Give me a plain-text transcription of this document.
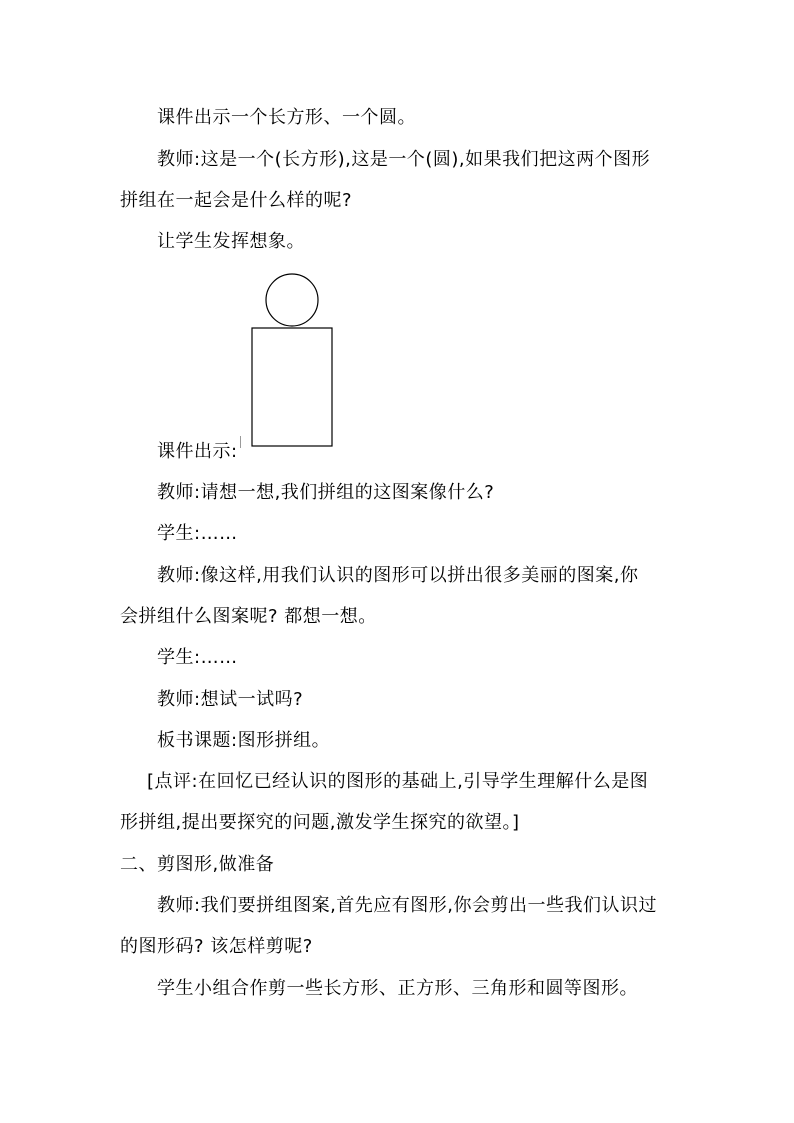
课件出示一个长方形、一个圆。
教师:这是一个(长方形),这是一个(圆),如果我们把这两个图形
拼组在一起会是什么样的呢?
让学生发挥想象。
课件出示:
教师:请想一想,我们拼组的这图案像什么?
学生:……
教师:像这样,用我们认识的图形可以拼出很多美丽的图案,你
会拼组什么图案呢? 都想一想。
学生:……
教师:想试一试吗?
板书课题:图形拼组。
[点评:在回忆已经认识的图形的基础上,引导学生理解什么是图
形拼组,提出要探究的问题,激发学生探究的欲望。]
二、剪图形,做准备
教师:我们要拼组图案,首先应有图形,你会剪出一些我们认识过
的图形码? 该怎样剪呢?
学生小组合作剪一些长方形、正方形、三角形和圆等图形。
